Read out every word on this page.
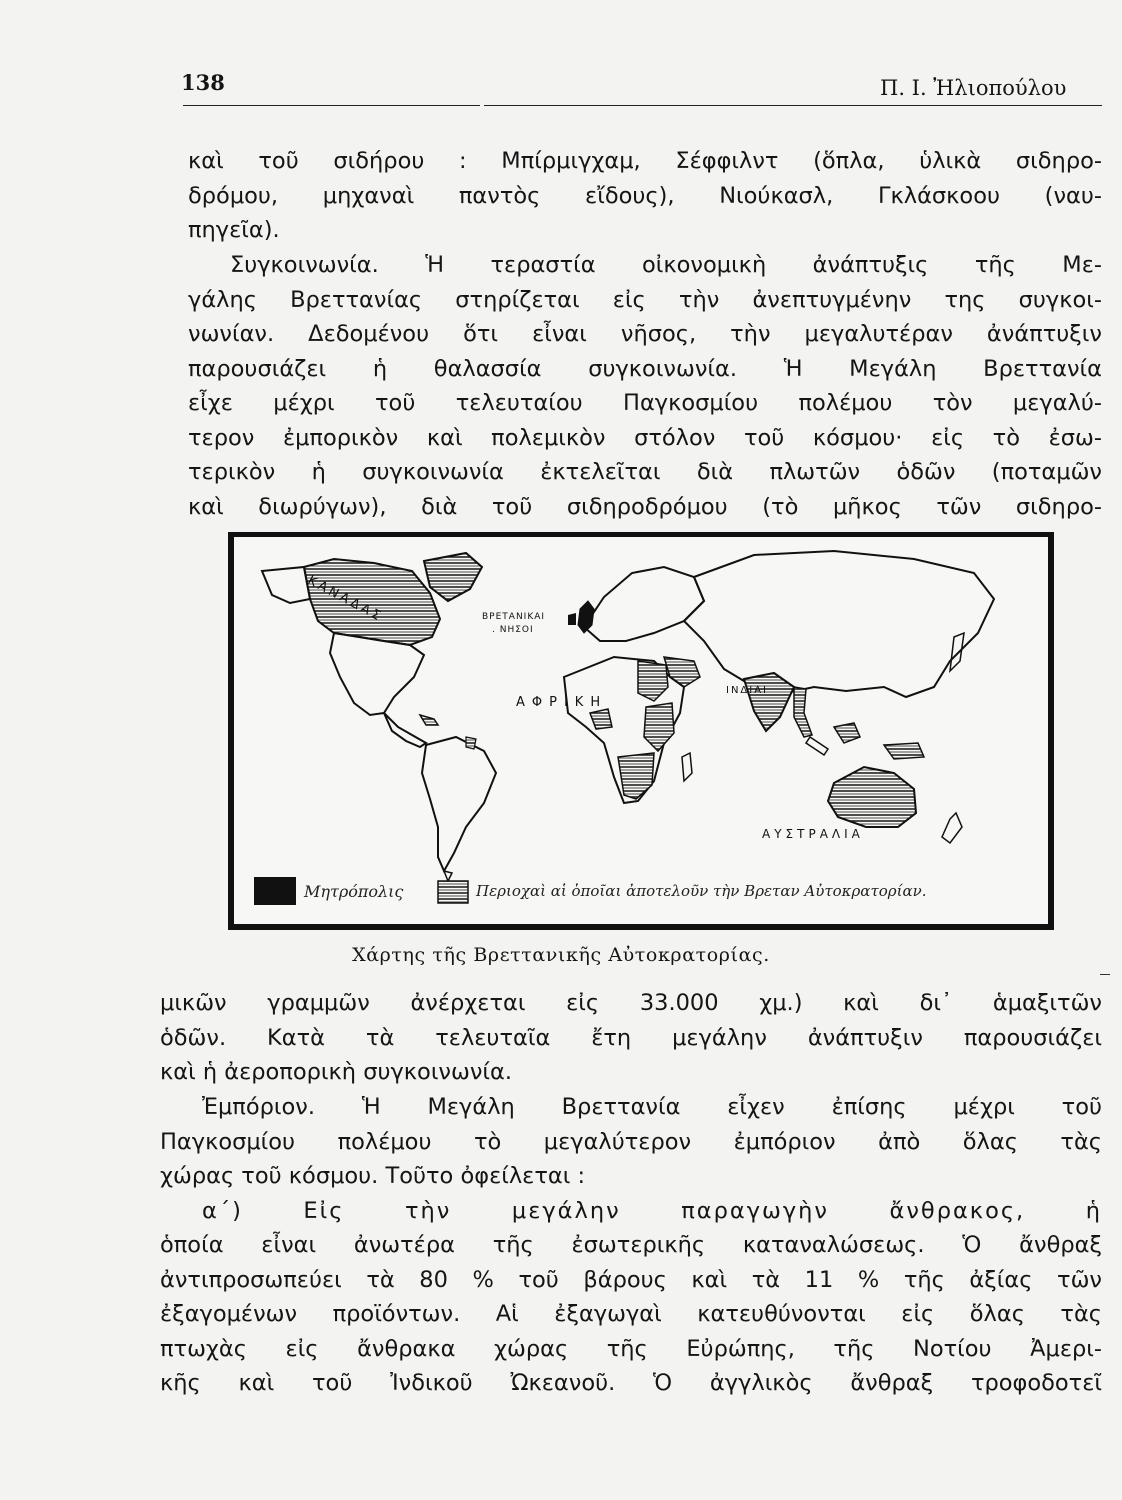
138	Π. Ι. Ἠλιοπούλου
καὶ τοῦ σιδήρου : Μπίρμιγχαμ, Σέφφιλντ (ὅπλα, ὑλικὰ σιδηρο-
δρόμου, μηχαναὶ παντὸς εἴδους), Νιούκασλ, Γκλάσκοου (ναυ-
πηγεῖα).
Συγκοινωνία. Ἡ τεραστία οἰκονομικὴ ἀνάπτυξις τῆς Με-
γάλης Βρεττανίας στηρίζεται εἰς τὴν ἀνεπτυγμένην της συγκοι-
νωνίαν. Δεδομένου ὅτι εἶναι νῆσος, τὴν μεγαλυτέραν ἀνάπτυξιν
παρουσιάζει ἡ θαλασσία συγκοινωνία. Ἡ Μεγάλη Βρεττανία
εἶχε μέχρι τοῦ τελευταίου Παγκοσμίου πολέμου τὸν μεγαλύ-
τερον ἐμπορικὸν καὶ πολεμικὸν στόλον τοῦ κόσμου· εἰς τὸ ἐσω-
τερικὸν ἡ συγκοινωνία ἐκτελεῖται διὰ πλωτῶν ὁδῶν (ποταμῶν
καὶ διωρύγων), διὰ τοῦ σιδηροδρόμου (τὸ μῆκος τῶν σιδηρο-
ΚΑΝΑΔΑΣ	ΒΡΕΤΑΝΙΚΑΙ
. ΝΗΣΟΙ
ΑΦΡΙΚΗ
ΙΝΔΙΑΙ
ΑΥΣΤΡΑΛΙΑ
Μητρόπολις	Περιοχαὶ αἱ ὁποῖαι ἀποτελοῦν τὴν Βρεταν Αὐτοκρατορίαν.
Χάρτης τῆς Βρεττανικῆς Αὐτοκρατορίας.
μικῶν γραμμῶν ἀνέρχεται εἰς 33.000 χμ.) καὶ δι᾽ ἁμαξιτῶν
ὁδῶν. Κατὰ τὰ τελευταῖα ἔτη μεγάλην ἀνάπτυξιν παρουσιάζει
καὶ ἡ ἀεροπορικὴ συγκοινωνία.
Ἐμπόριον. Ἡ Μεγάλη Βρεττανία εἶχεν ἐπίσης μέχρι τοῦ
Παγκοσμίου πολέμου τὸ μεγαλύτερον ἐμπόριον ἀπὸ ὅλας τὰς
χώρας τοῦ κόσμου. Τοῦτο ὀφείλεται :
α΄) Εἰς τὴν μεγάλην παραγωγὴν ἄνθρακος, ἡ
ὁποία εἶναι ἀνωτέρα τῆς ἐσωτερικῆς καταναλώσεως. Ὁ ἄνθραξ
ἀντιπροσωπεύει τὰ 80 % τοῦ βάρους καὶ τὰ 11 % τῆς ἀξίας τῶν
ἐξαγομένων προϊόντων. Αἱ ἐξαγωγαὶ κατευθύνονται εἰς ὅλας τὰς
πτωχὰς εἰς ἄνθρακα χώρας τῆς Εὐρώπης, τῆς Νοτίου Ἀμερι-
κῆς καὶ τοῦ Ἰνδικοῦ Ὠκεανοῦ. Ὁ ἀγγλικὸς ἄνθραξ τροφοδοτεῖ
